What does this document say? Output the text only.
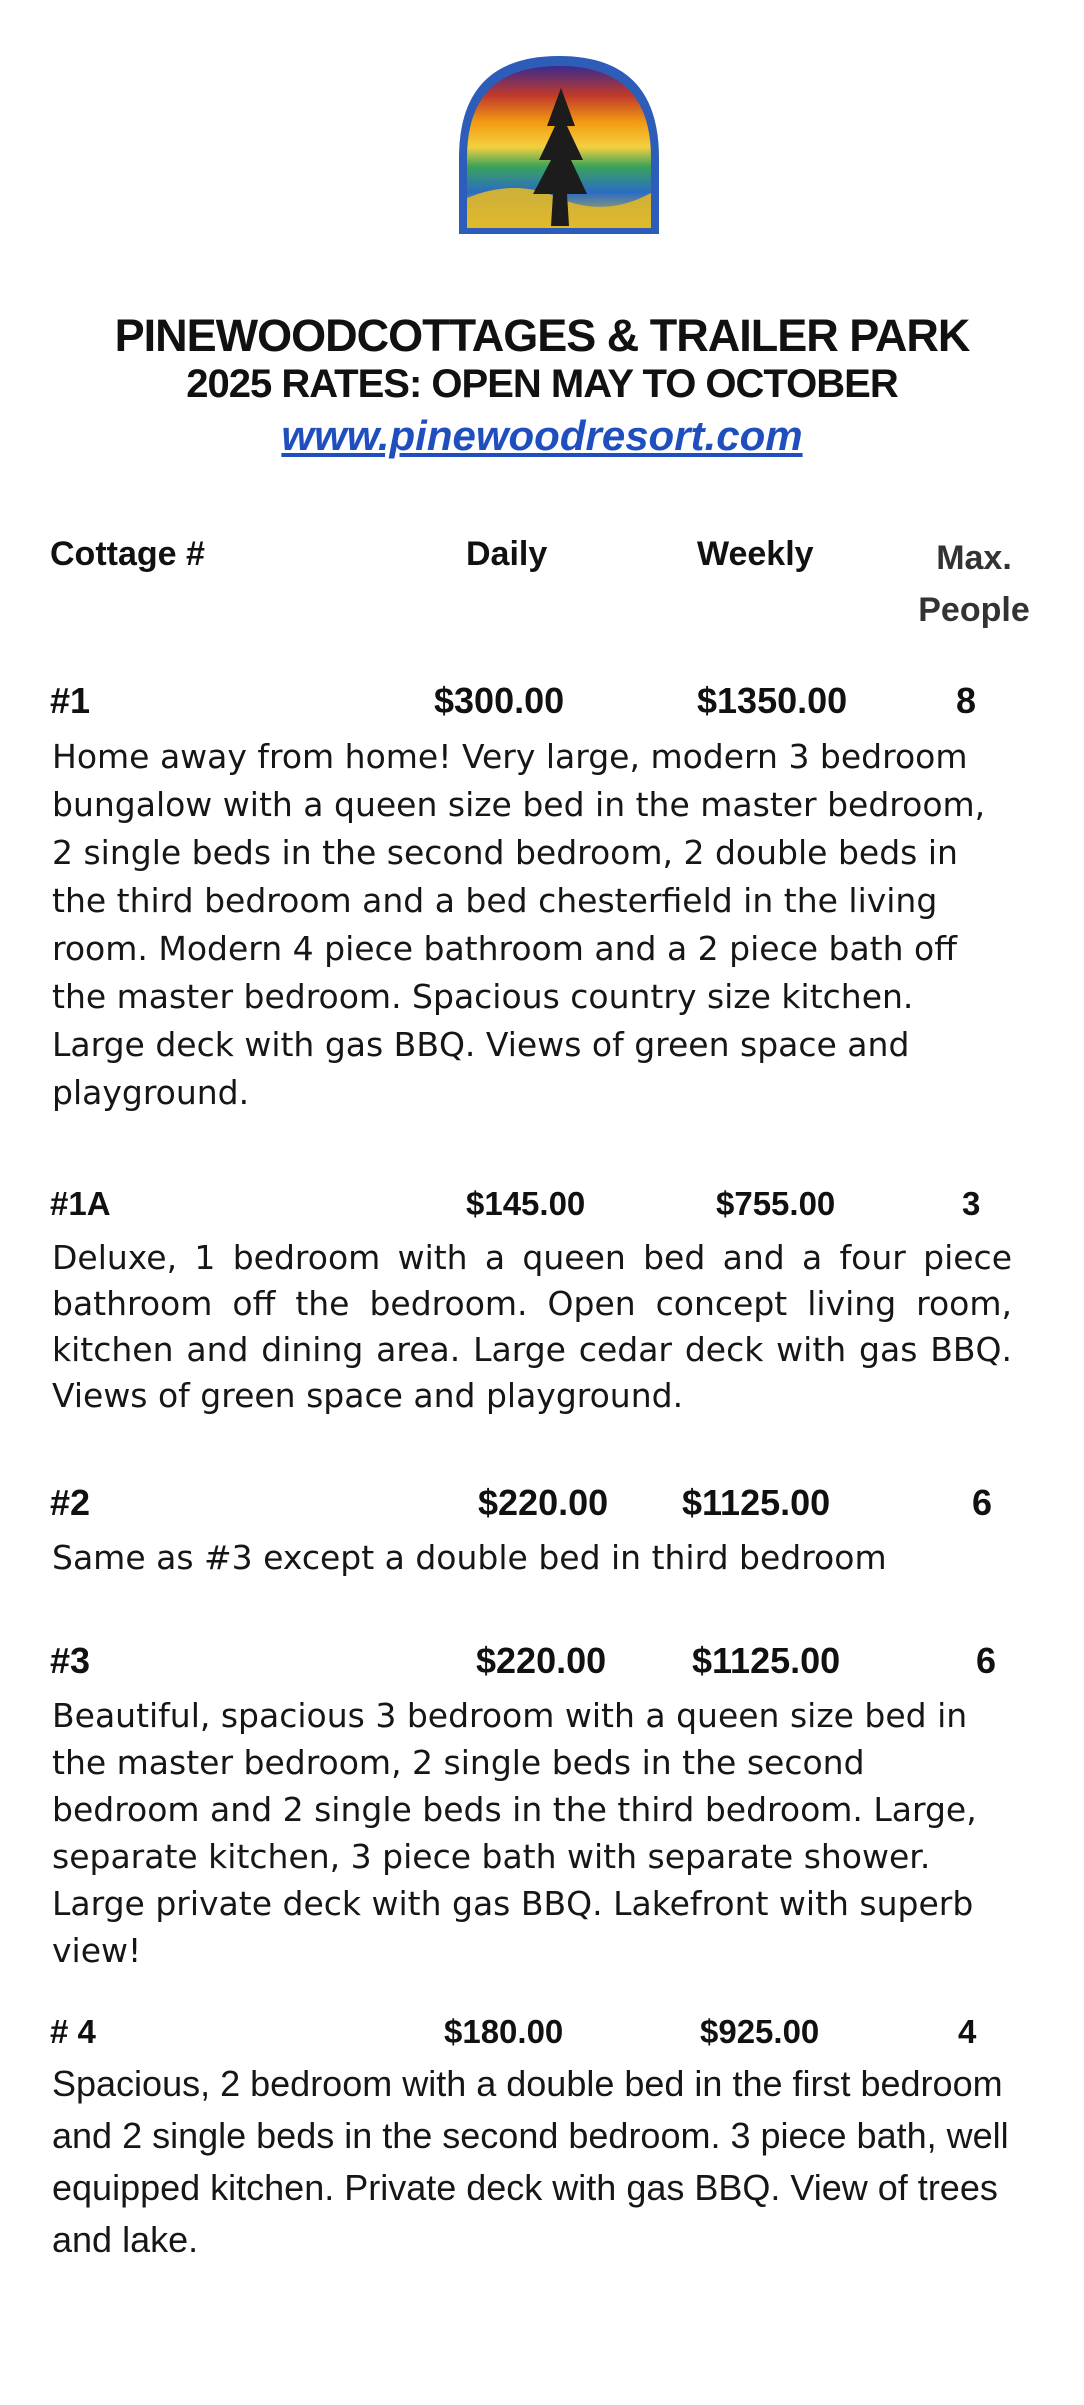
PINEWOODCOTTAGES & TRAILER PARK
2025 RATES: OPEN MAY TO OCTOBER
www.pinewoodresort.com
Cottage #	Daily	Weekly	Max.
People
#1	$300.00	$1350.00	8
Home away from home! Very large, modern 3 bedroom bungalow with a queen size bed in the master bedroom, 2 single beds in the second bedroom, 2 double beds in the third bedroom and a bed chesterfield in the living room. Modern 4 piece bathroom and a 2 piece bath off the master bedroom. Spacious country size kitchen. Large deck with gas BBQ. Views of green space and playground.
#1A	$145.00	$755.00	3
Deluxe, 1 bedroom with a queen bed and a four piece bathroom off the bedroom. Open concept living room, kitchen and dining area. Large cedar deck with gas BBQ. Views of green space and playground.
#2	$220.00 $1125.00	6
Same as #3 except a double bed in third bedroom
#3	$220.00 $1125.00	6
Beautiful, spacious 3 bedroom with a queen size bed in the master bedroom, 2 single beds in the second bedroom and 2 single beds in the third bedroom. Large, separate kitchen, 3 piece bath with separate shower. Large private deck with gas BBQ. Lakefront with superb view!
# 4	$180.00	$925.00	4
Spacious, 2 bedroom with a double bed in the first bedroom and 2 single beds in the second bedroom. 3 piece bath, well equipped kitchen. Private deck with gas BBQ. View of trees and lake.
